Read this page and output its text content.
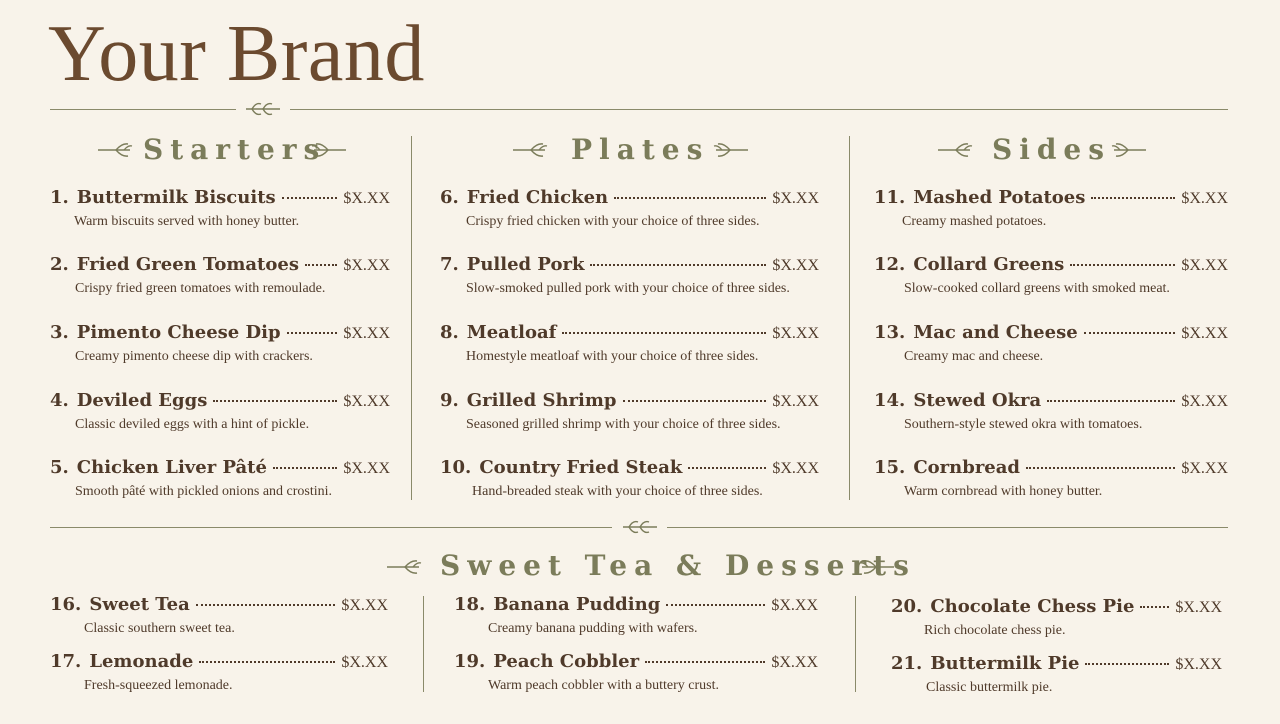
Your Brand
Starters	Plates	Sides
1. Buttermilk Biscuits	$X.XX
Warm biscuits served with honey butter.
2. Fried Green Tomatoes	$X.XX
Crispy fried green tomatoes with remoulade.
3. Pimento Cheese Dip	$X.XX
Creamy pimento cheese dip with crackers.
4. Deviled Eggs	$X.XX
Classic deviled eggs with a hint of pickle.
5. Chicken Liver Pâté	$X.XX
Smooth pâté with pickled onions and crostini.
6. Fried Chicken	$X.XX
Crispy fried chicken with your choice of three sides.
7. Pulled Pork	$X.XX
Slow-smoked pulled pork with your choice of three sides.
8. Meatloaf	$X.XX
Homestyle meatloaf with your choice of three sides.
9. Grilled Shrimp	$X.XX
Seasoned grilled shrimp with your choice of three sides.
10. Country Fried Steak	$X.XX
Hand-breaded steak with your choice of three sides.
11. Mashed Potatoes	$X.XX
Creamy mashed potatoes.
12. Collard Greens	$X.XX
Slow-cooked collard greens with smoked meat.
13. Mac and Cheese	$X.XX
Creamy mac and cheese.
14. Stewed Okra	$X.XX
Southern-style stewed okra with tomatoes.
15. Cornbread	$X.XX
Warm cornbread with honey butter.
Sweet Tea & Desserts
16. Sweet Tea	$X.XX
Classic southern sweet tea.
17. Lemonade	$X.XX
Fresh-squeezed lemonade.
18. Banana Pudding	$X.XX
Creamy banana pudding with wafers.
19. Peach Cobbler	$X.XX
Warm peach cobbler with a buttery crust.
20. Chocolate Chess Pie	$X.XX
Rich chocolate chess pie.
21. Buttermilk Pie	$X.XX
Classic buttermilk pie.
